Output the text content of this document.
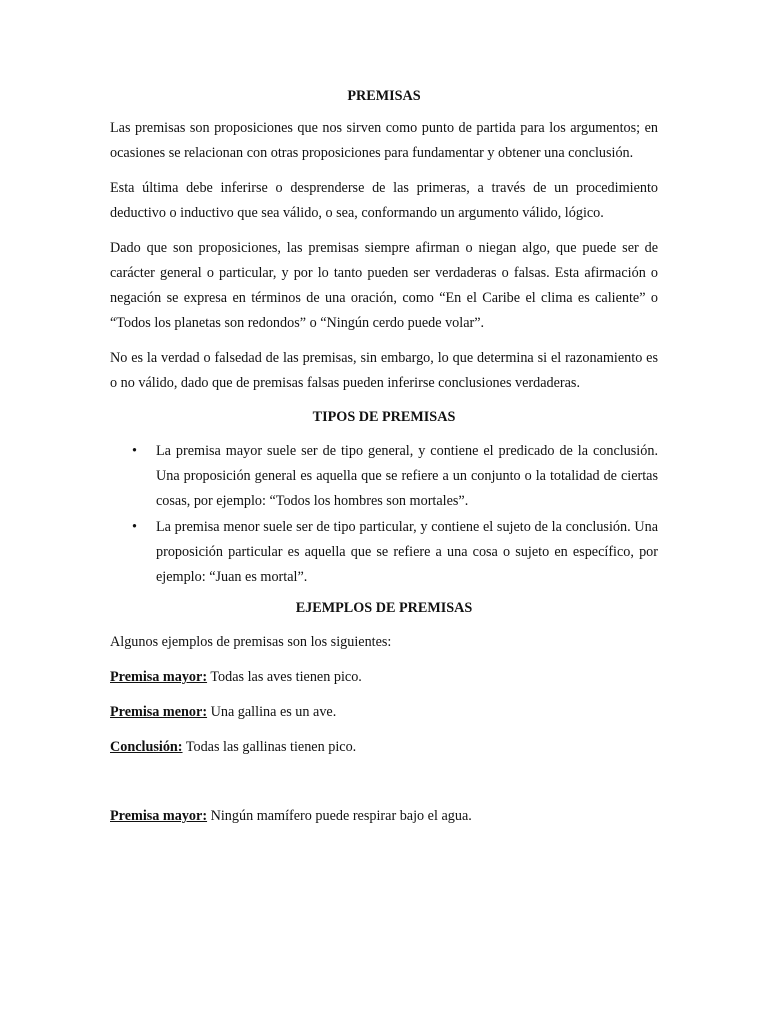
PREMISAS

Las premisas son proposiciones que nos sirven como punto de partida para los argumentos; en ocasiones se relacionan con otras proposiciones para fundamentar y obtener una conclusión.

Esta última debe inferirse o desprenderse de las primeras, a través de un procedimiento deductivo o inductivo que sea válido, o sea, conformando un argumento válido, lógico.

Dado que son proposiciones, las premisas siempre afirman o niegan algo, que puede ser de carácter general o particular, y por lo tanto pueden ser verdaderas o falsas. Esta afirmación o negación se expresa en términos de una oración, como “En el Caribe el clima es caliente” o “Todos los planetas son redondos” o “Ningún cerdo puede volar”.

No es la verdad o falsedad de las premisas, sin embargo, lo que determina si el razonamiento es o no válido, dado que de premisas falsas pueden inferirse conclusiones verdaderas.

TIPOS DE PREMISAS

• La premisa mayor suele ser de tipo general, y contiene el predicado de la conclusión. Una proposición general es aquella que se refiere a un conjunto o la totalidad de ciertas cosas, por ejemplo: “Todos los hombres son mortales”.
• La premisa menor suele ser de tipo particular, y contiene el sujeto de la conclusión. Una proposición particular es aquella que se refiere a una cosa o sujeto en específico, por ejemplo: “Juan es mortal”.

EJEMPLOS DE PREMISAS

Algunos ejemplos de premisas son los siguientes:

Premisa mayor: Todas las aves tienen pico.

Premisa menor: Una gallina es un ave.

Conclusión: Todas las gallinas tienen pico.

Premisa mayor: Ningún mamífero puede respirar bajo el agua.
